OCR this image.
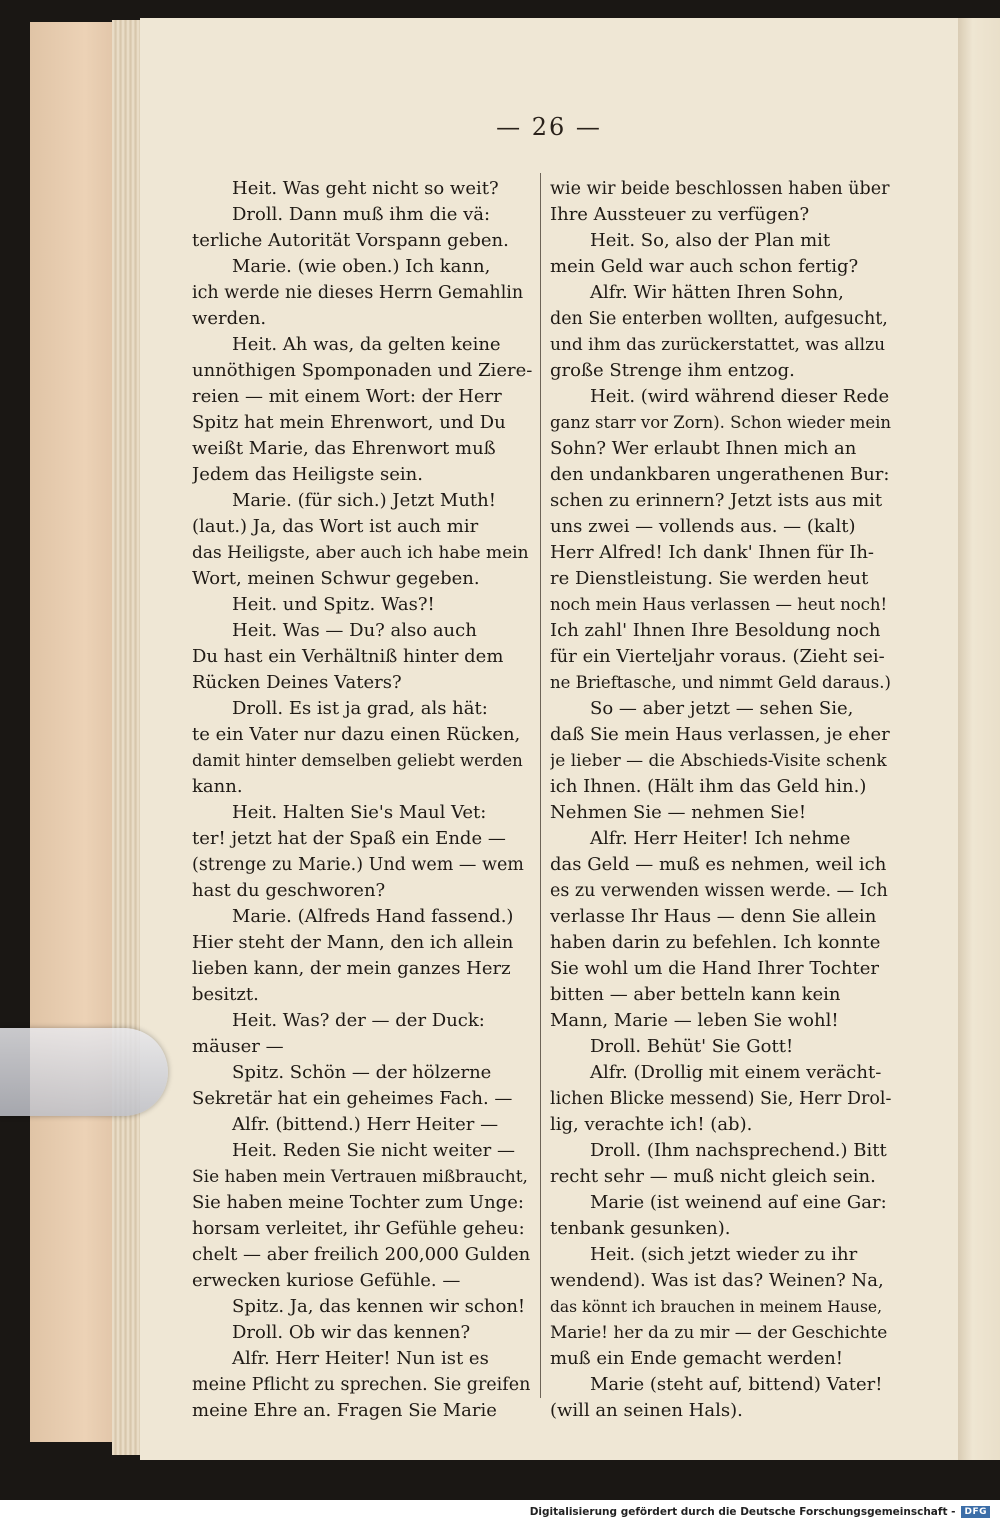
— 26 —
Heit. Was geht nicht so weit?
Droll. Dann muß ihm die vä:
terliche Autorität Vorspann geben.
Marie. (wie oben.) Ich kann,
ich werde nie dieses Herrn Gemahlin
werden.
Heit. Ah was, da gelten keine
unnöthigen Spomponaden und Ziere-
reien — mit einem Wort: der Herr
Spitz hat mein Ehrenwort, und Du
weißt Marie, das Ehrenwort muß
Jedem das Heiligste sein.
Marie. (für sich.) Jetzt Muth!
(laut.) Ja, das Wort ist auch mir
das Heiligste, aber auch ich habe mein
Wort, meinen Schwur gegeben.
Heit. und Spitz. Was?!
Heit. Was — Du? also auch
Du hast ein Verhältniß hinter dem
Rücken Deines Vaters?
Droll. Es ist ja grad, als hät:
te ein Vater nur dazu einen Rücken,
damit hinter demselben geliebt werden
kann.
Heit. Halten Sie's Maul Vet:
ter! jetzt hat der Spaß ein Ende —
(strenge zu Marie.) Und wem — wem
hast du geschworen?
Marie. (Alfreds Hand fassend.)
Hier steht der Mann, den ich allein
lieben kann, der mein ganzes Herz
besitzt.
Heit. Was? der — der Duck:
mäuser —
Spitz. Schön — der hölzerne
Sekretär hat ein geheimes Fach. —
Alfr. (bittend.) Herr Heiter —
Heit. Reden Sie nicht weiter —
Sie haben mein Vertrauen mißbraucht,
Sie haben meine Tochter zum Unge:
horsam verleitet, ihr Gefühle geheu:
chelt — aber freilich 200,000 Gulden
erwecken kuriose Gefühle. —
Spitz. Ja, das kennen wir schon!
Droll. Ob wir das kennen?
Alfr. Herr Heiter! Nun ist es
meine Pflicht zu sprechen. Sie greifen
meine Ehre an. Fragen Sie Marie
wie wir beide beschlossen haben über
Ihre Aussteuer zu verfügen?
Heit. So, also der Plan mit
mein Geld war auch schon fertig?
Alfr. Wir hätten Ihren Sohn,
den Sie enterben wollten, aufgesucht,
und ihm das zurückerstattet, was allzu
große Strenge ihm entzog.
Heit. (wird während dieser Rede
ganz starr vor Zorn). Schon wieder mein
Sohn? Wer erlaubt Ihnen mich an
den undankbaren ungerathenen Bur:
schen zu erinnern? Jetzt ists aus mit
uns zwei — vollends aus. — (kalt)
Herr Alfred! Ich dank' Ihnen für Ih-
re Dienstleistung. Sie werden heut
noch mein Haus verlassen — heut noch!
Ich zahl' Ihnen Ihre Besoldung noch
für ein Vierteljahr voraus. (Zieht sei-
ne Brieftasche, und nimmt Geld daraus.)
So — aber jetzt — sehen Sie,
daß Sie mein Haus verlassen, je eher
je lieber — die Abschieds-Visite schenk
ich Ihnen. (Hält ihm das Geld hin.)
Nehmen Sie — nehmen Sie!
Alfr. Herr Heiter! Ich nehme
das Geld — muß es nehmen, weil ich
es zu verwenden wissen werde. — Ich
verlasse Ihr Haus — denn Sie allein
haben darin zu befehlen. Ich konnte
Sie wohl um die Hand Ihrer Tochter
bitten — aber betteln kann kein
Mann, Marie — leben Sie wohl!
Droll. Behüt' Sie Gott!
Alfr. (Drollig mit einem verächt-
lichen Blicke messend) Sie, Herr Drol-
lig, verachte ich! (ab).
Droll. (Ihm nachsprechend.) Bitt
recht sehr — muß nicht gleich sein.
Marie (ist weinend auf eine Gar:
tenbank gesunken).
Heit. (sich jetzt wieder zu ihr
wendend). Was ist das? Weinen? Na,
das könnt ich brauchen in meinem Hause,
Marie! her da zu mir — der Geschichte
muß ein Ende gemacht werden!
Marie (steht auf, bittend) Vater!
(will an seinen Hals).
Digitalisierung gefördert durch die Deutsche Forschungsgemeinschaft -	DFG
